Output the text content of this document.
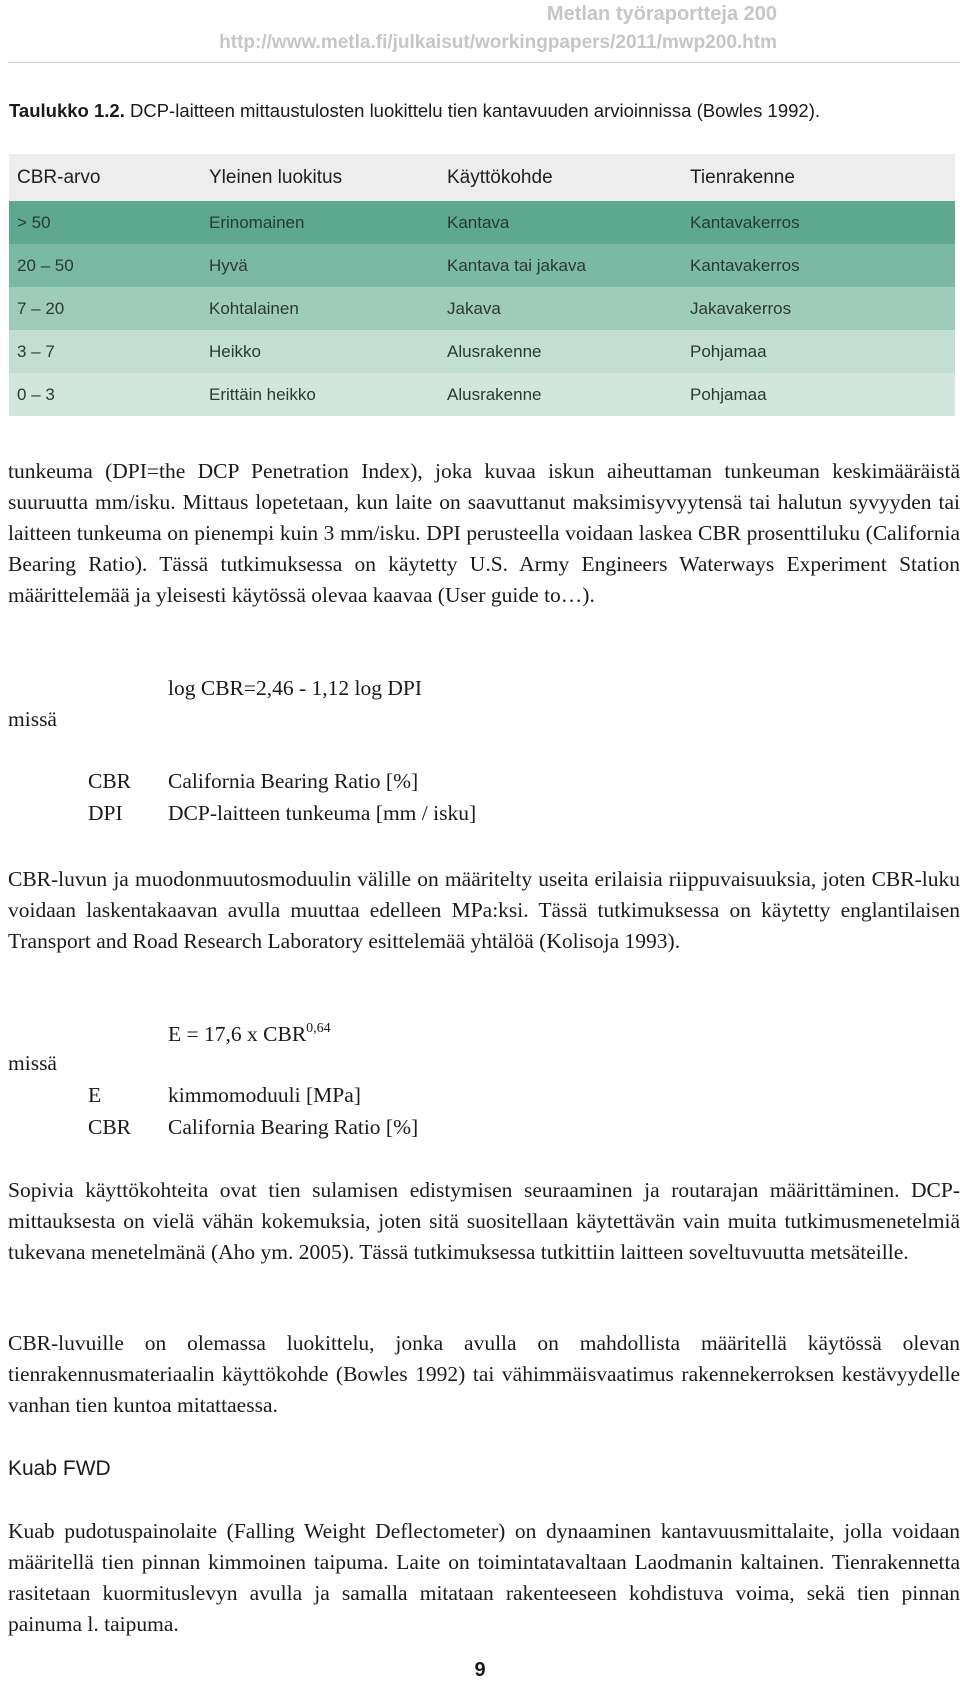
Metlan työraportteja 200
http://www.metla.fi/julkaisut/workingpapers/2011/mwp200.htm
Taulukko 1.2. DCP-laitteen mittaustulosten luokittelu tien kantavuuden arvioinnissa (Bowles 1992).
CBR-arvo	Yleinen luokitus	Käyttökohde	Tienrakenne
> 50	Erinomainen	Kantava	Kantavakerros
20 – 50	Hyvä	Kantava tai jakava	Kantavakerros
7 – 20	Kohtalainen	Jakava	Jakavakerros
3 – 7	Heikko	Alusrakenne	Pohjamaa
0 – 3	Erittäin heikko	Alusrakenne	Pohjamaa
tunkeuma (DPI=the DCP Penetration Index), joka kuvaa iskun aiheuttaman tunkeuman keskimääräistä suuruutta mm/isku. Mittaus lopetetaan, kun laite on saavuttanut maksimisyvyytensä tai halutun syvyyden tai laitteen tunkeuma on pienempi kuin 3 mm/isku. DPI perusteella voidaan laskea CBR prosenttiluku (California Bearing Ratio). Tässä tutkimuksessa on käytetty U.S. Army Engineers Waterways Experiment Station määrittelemää ja yleisesti käytössä olevaa kaavaa (User guide to…).
log CBR=2,46 - 1,12 log DPI
missä
CBR California Bearing Ratio [%]
DPI DCP-laitteen tunkeuma [mm / isku]
CBR-luvun ja muodonmuutosmoduulin välille on määritelty useita erilaisia riippuvaisuuksia, joten CBR-luku voidaan laskentakaavan avulla muuttaa edelleen MPa:ksi. Tässä tutkimuksessa on käytetty englantilaisen Transport and Road Research Laboratory esittelemää yhtälöä (Kolisoja 1993).
E = 17,6 x CBR$^{0,64}$
missä
E	kimmomoduuli [MPa]
CBR California Bearing Ratio [%]
Sopivia käyttökohteita ovat tien sulamisen edistymisen seuraaminen ja routarajan määrittäminen. DCP-mittauksesta on vielä vähän kokemuksia, joten sitä suositellaan käytettävän vain muita tutkimusmenetelmiä tukevana menetelmänä (Aho ym. 2005). Tässä tutkimuksessa tutkittiin laitteen soveltuvuutta metsäteille.
CBR-luvuille on olemassa luokittelu, jonka avulla on mahdollista määritellä käytössä olevan tienrakennusmateriaalin käyttökohde (Bowles 1992) tai vähimmäisvaatimus rakennekerroksen kestävyydelle vanhan tien kuntoa mitattaessa.
Kuab FWD
Kuab pudotuspainolaite (Falling Weight Deflectometer) on dynaaminen kantavuusmittalaite, jolla voidaan määritellä tien pinnan kimmoinen taipuma. Laite on toimintatavaltaan Laodmanin kaltainen. Tienrakennetta rasitetaan kuormituslevyn avulla ja samalla mitataan rakenteeseen kohdistuva voima, sekä tien pinnan painuma l. taipuma.
9
